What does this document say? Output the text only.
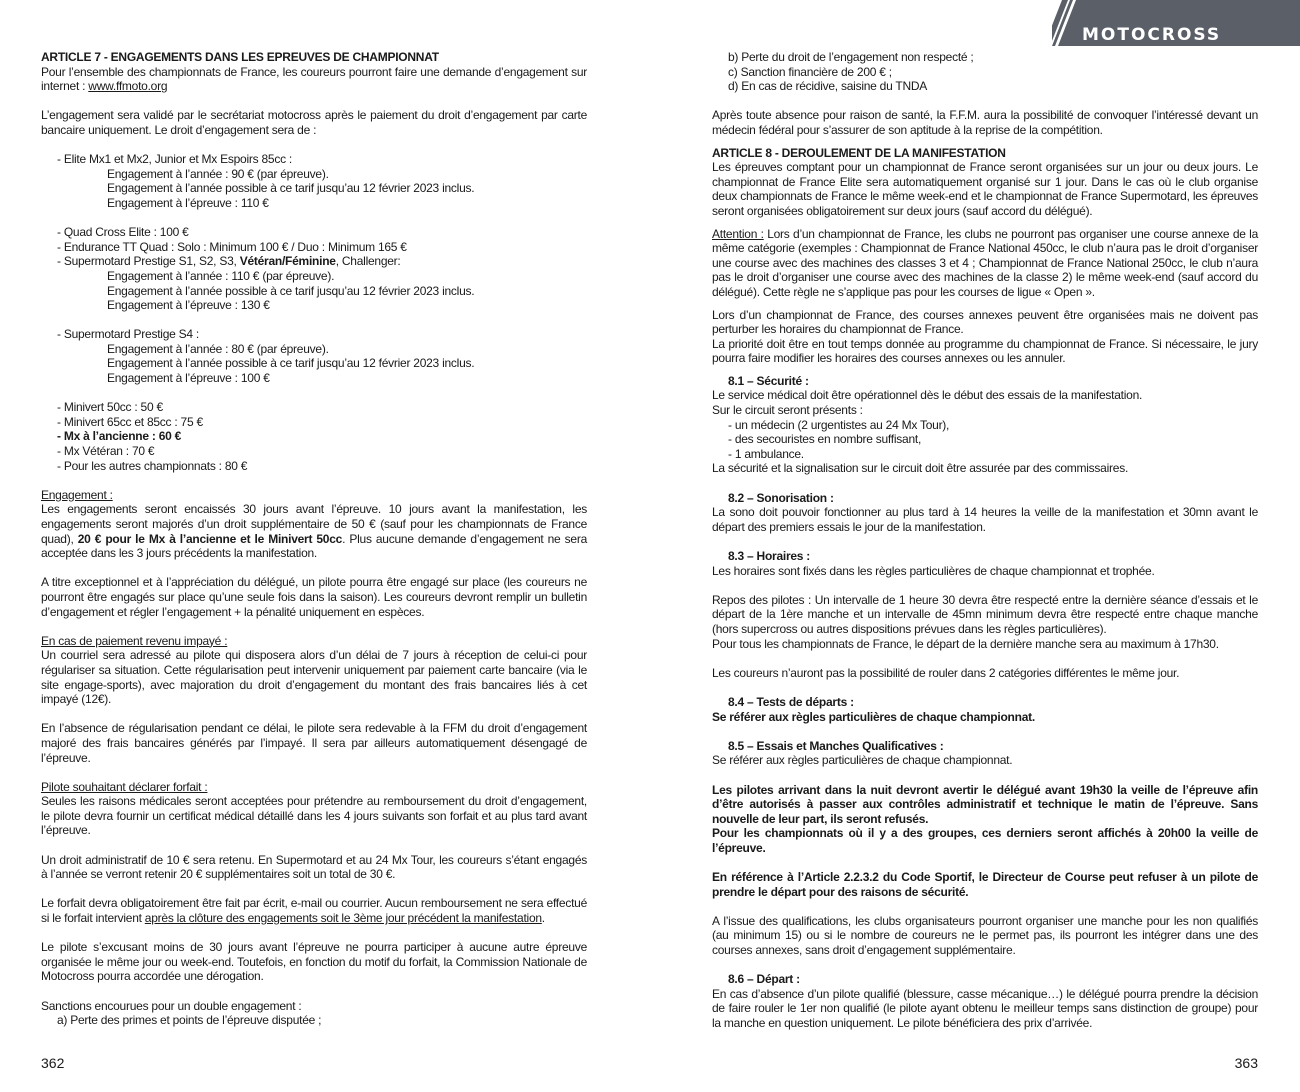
ARTICLE 7 - ENGAGEMENTS DANS LES EPREUVES DE CHAMPIONNAT

Pour l’ensemble des championnats de France, les coureurs pourront faire une demande d’engagement sur internet : www.ffmoto.org

L’engagement sera validé par le secrétariat motocross après le paiement du droit d’engagement par carte bancaire uniquement. Le droit d’engagement sera de :

- Elite Mx1 et Mx2, Junior et Mx Espoirs 85cc :

Engagement à l’année : 90 € (par épreuve).

Engagement à l’année possible à ce tarif jusqu’au 12 février 2023 inclus.

Engagement à l’épreuve : 110 €

- Quad Cross Elite : 100 €

- Endurance TT Quad : Solo : Minimum 100 € / Duo : Minimum 165 €

- Supermotard Prestige S1, S2, S3, Vétéran/Féminine, Challenger:

Engagement à l’année : 110 € (par épreuve).

Engagement à l’année possible à ce tarif jusqu’au 12 février 2023 inclus.

Engagement à l’épreuve : 130 €

- Supermotard Prestige S4 :

Engagement à l’année : 80 € (par épreuve).

Engagement à l’année possible à ce tarif jusqu’au 12 février 2023 inclus.

Engagement à l’épreuve : 100 €

- Minivert 50cc : 50 €

- Minivert 65cc et 85cc : 75 €

- Mx à l’ancienne : 60 €

- Mx Vétéran : 70 €

- Pour les autres championnats : 80 €

Engagement :

Les engagements seront encaissés 30 jours avant l’épreuve. 10 jours avant la manifestation, les engagements seront majorés d’un droit supplémentaire de 50 € (sauf pour les championnats de France quad), 20 € pour le Mx à l’ancienne et le Minivert 50cc. Plus aucune demande d’engagement ne sera acceptée dans les 3 jours précédents la manifestation.

A titre exceptionnel et à l’appréciation du délégué, un pilote pourra être engagé sur place (les coureurs ne pourront être engagés sur place qu’une seule fois dans la saison). Les coureurs devront remplir un bulletin d’engagement et régler l’engagement + la pénalité uniquement en espèces.

En cas de paiement revenu impayé :

Un courriel sera adressé au pilote qui disposera alors d’un délai de 7 jours à réception de celui-ci pour régulariser sa situation. Cette régularisation peut intervenir uniquement par paiement carte bancaire (via le site engage-sports), avec majoration du droit d’engagement du montant des frais bancaires liés à cet impayé (12€).

En l’absence de régularisation pendant ce délai, le pilote sera redevable à la FFM du droit d’engagement majoré des frais bancaires générés par l’impayé. Il sera par ailleurs automatiquement désengagé de l’épreuve.

Pilote souhaitant déclarer forfait :

Seules les raisons médicales seront acceptées pour prétendre au remboursement du droit d’engagement, le pilote devra fournir un certificat médical détaillé dans les 4 jours suivants son forfait et au plus tard avant l’épreuve.

Un droit administratif de 10 € sera retenu. En Supermotard et au 24 Mx Tour, les coureurs s’étant engagés à l’année se verront retenir 20 € supplémentaires soit un total de 30 €.

Le forfait devra obligatoirement être fait par écrit, e-mail ou courrier. Aucun remboursement ne sera effectué si le forfait intervient après la clôture des engagements soit le 3ème jour précédent la manifestation.

Le pilote s’excusant moins de 30 jours avant l’épreuve ne pourra participer à aucune autre épreuve organisée le même jour ou week-end. Toutefois, en fonction du motif du forfait, la Commission Nationale de Motocross pourra accordée une dérogation.

Sanctions encourues pour un double engagement :

a) Perte des primes et points de l’épreuve disputée ;

362
MOTOCROSS

b) Perte du droit de l’engagement non respecté ;

c) Sanction financière de 200 € ;

d) En cas de récidive, saisine du TNDA

Après toute absence pour raison de santé, la F.F.M. aura la possibilité de convoquer l’intéressé devant un médecin fédéral pour s’assurer de son aptitude à la reprise de la compétition.

ARTICLE 8 - DEROULEMENT DE LA MANIFESTATION

Les épreuves comptant pour un championnat de France seront organisées sur un jour ou deux jours. Le championnat de France Elite sera automatiquement organisé sur 1 jour. Dans le cas où le club organise deux championnats de France le même week-end et le championnat de France Supermotard, les épreuves seront organisées obligatoirement sur deux jours (sauf accord du délégué).

Attention : Lors d’un championnat de France, les clubs ne pourront pas organiser une course annexe de la même catégorie (exemples : Championnat de France National 450cc, le club n’aura pas le droit d’organiser une course avec des machines des classes 3 et 4 ; Championnat de France National 250cc, le club n’aura pas le droit d’organiser une course avec des machines de la classe 2) le même week-end (sauf accord du délégué). Cette règle ne s’applique pas pour les courses de ligue « Open ».

Lors d’un championnat de France, des courses annexes peuvent être organisées mais ne doivent pas perturber les horaires du championnat de France.

La priorité doit être en tout temps donnée au programme du championnat de France. Si nécessaire, le jury pourra faire modifier les horaires des courses annexes ou les annuler.

8.1 – Sécurité :

Le service médical doit être opérationnel dès le début des essais de la manifestation.

Sur le circuit seront présents :

- un médecin (2 urgentistes au 24 Mx Tour),

- des secouristes en nombre suffisant,

- 1 ambulance.

La sécurité et la signalisation sur le circuit doit être assurée par des commissaires.

8.2 – Sonorisation :

La sono doit pouvoir fonctionner au plus tard à 14 heures la veille de la manifestation et 30mn avant le départ des premiers essais le jour de la manifestation.

8.3 – Horaires :

Les horaires sont fixés dans les règles particulières de chaque championnat et trophée.

Repos des pilotes : Un intervalle de 1 heure 30 devra être respecté entre la dernière séance d’essais et le départ de la 1ère manche et un intervalle de 45mn minimum devra être respecté entre chaque manche (hors supercross ou autres dispositions prévues dans les règles particulières).

Pour tous les championnats de France, le départ de la dernière manche sera au maximum à 17h30.

Les coureurs n’auront pas la possibilité de rouler dans 2 catégories différentes le même jour.

8.4 – Tests de départs :

Se référer aux règles particulières de chaque championnat.

8.5 – Essais et Manches Qualificatives :

Se référer aux règles particulières de chaque championnat.

Les pilotes arrivant dans la nuit devront avertir le délégué avant 19h30 la veille de l’épreuve afin d’être autorisés à passer aux contrôles administratif et technique le matin de l’épreuve. Sans nouvelle de leur part, ils seront refusés.

Pour les championnats où il y a des groupes, ces derniers seront affichés à 20h00 la veille de l’épreuve.

En référence à l’Article 2.2.3.2 du Code Sportif, le Directeur de Course peut refuser à un pilote de prendre le départ pour des raisons de sécurité.

A l’issue des qualifications, les clubs organisateurs pourront organiser une manche pour les non qualifiés (au minimum 15) ou si le nombre de coureurs ne le permet pas, ils pourront les intégrer dans une des courses annexes, sans droit d’engagement supplémentaire.

8.6 – Départ :

En cas d’absence d’un pilote qualifié (blessure, casse mécanique…) le délégué pourra prendre la décision de faire rouler le 1er non qualifié (le pilote ayant obtenu le meilleur temps sans distinction de groupe) pour la manche en question uniquement. Le pilote bénéficiera des prix d’arrivée.

363
